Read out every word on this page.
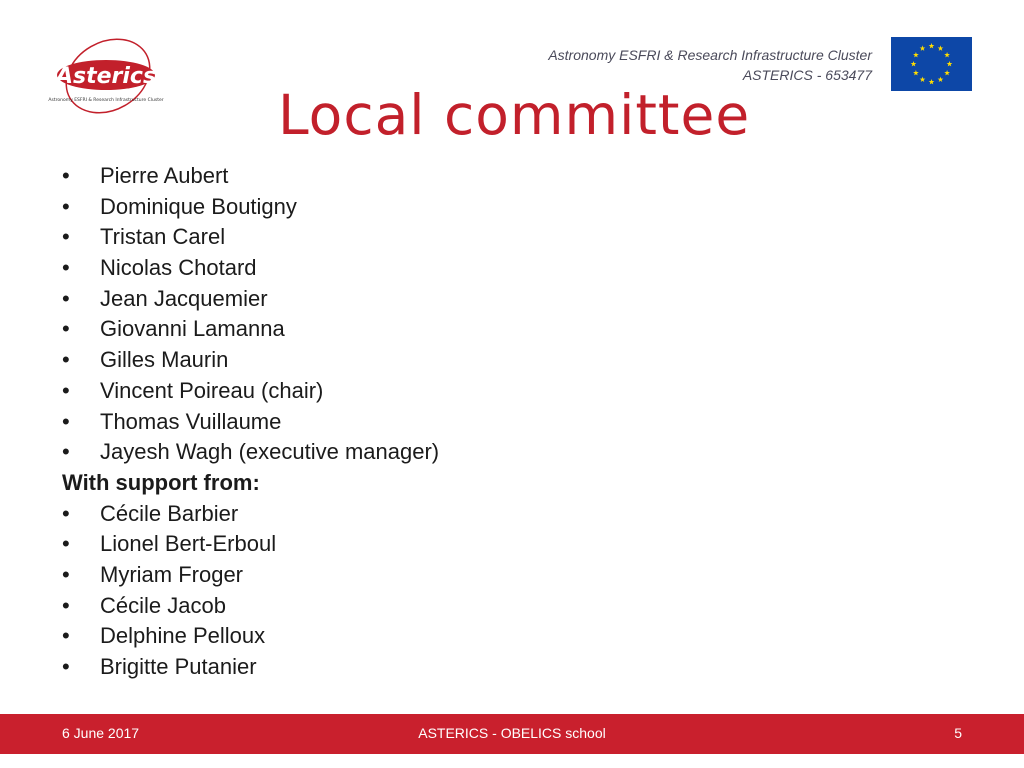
Asterics
Astronomy ESFRI & Research Infrastructure Cluster
Astronomy ESFRI & Research Infrastructure Cluster
ASTERICS - 653477
Local committee
•	Pierre Aubert
•	Dominique Boutigny
•	Tristan Carel
•	Nicolas Chotard
•	Jean Jacquemier
•	Giovanni Lamanna
•	Gilles Maurin
•	Vincent Poireau (chair)
•	Thomas Vuillaume
•	Jayesh Wagh (executive manager)
With support from:
•	Cécile Barbier
•	Lionel Bert-Erboul
•	Myriam Froger
•	Cécile Jacob
•	Delphine Pelloux
•	Brigitte Putanier
6 June 2017	ASTERICS - OBELICS school	5
